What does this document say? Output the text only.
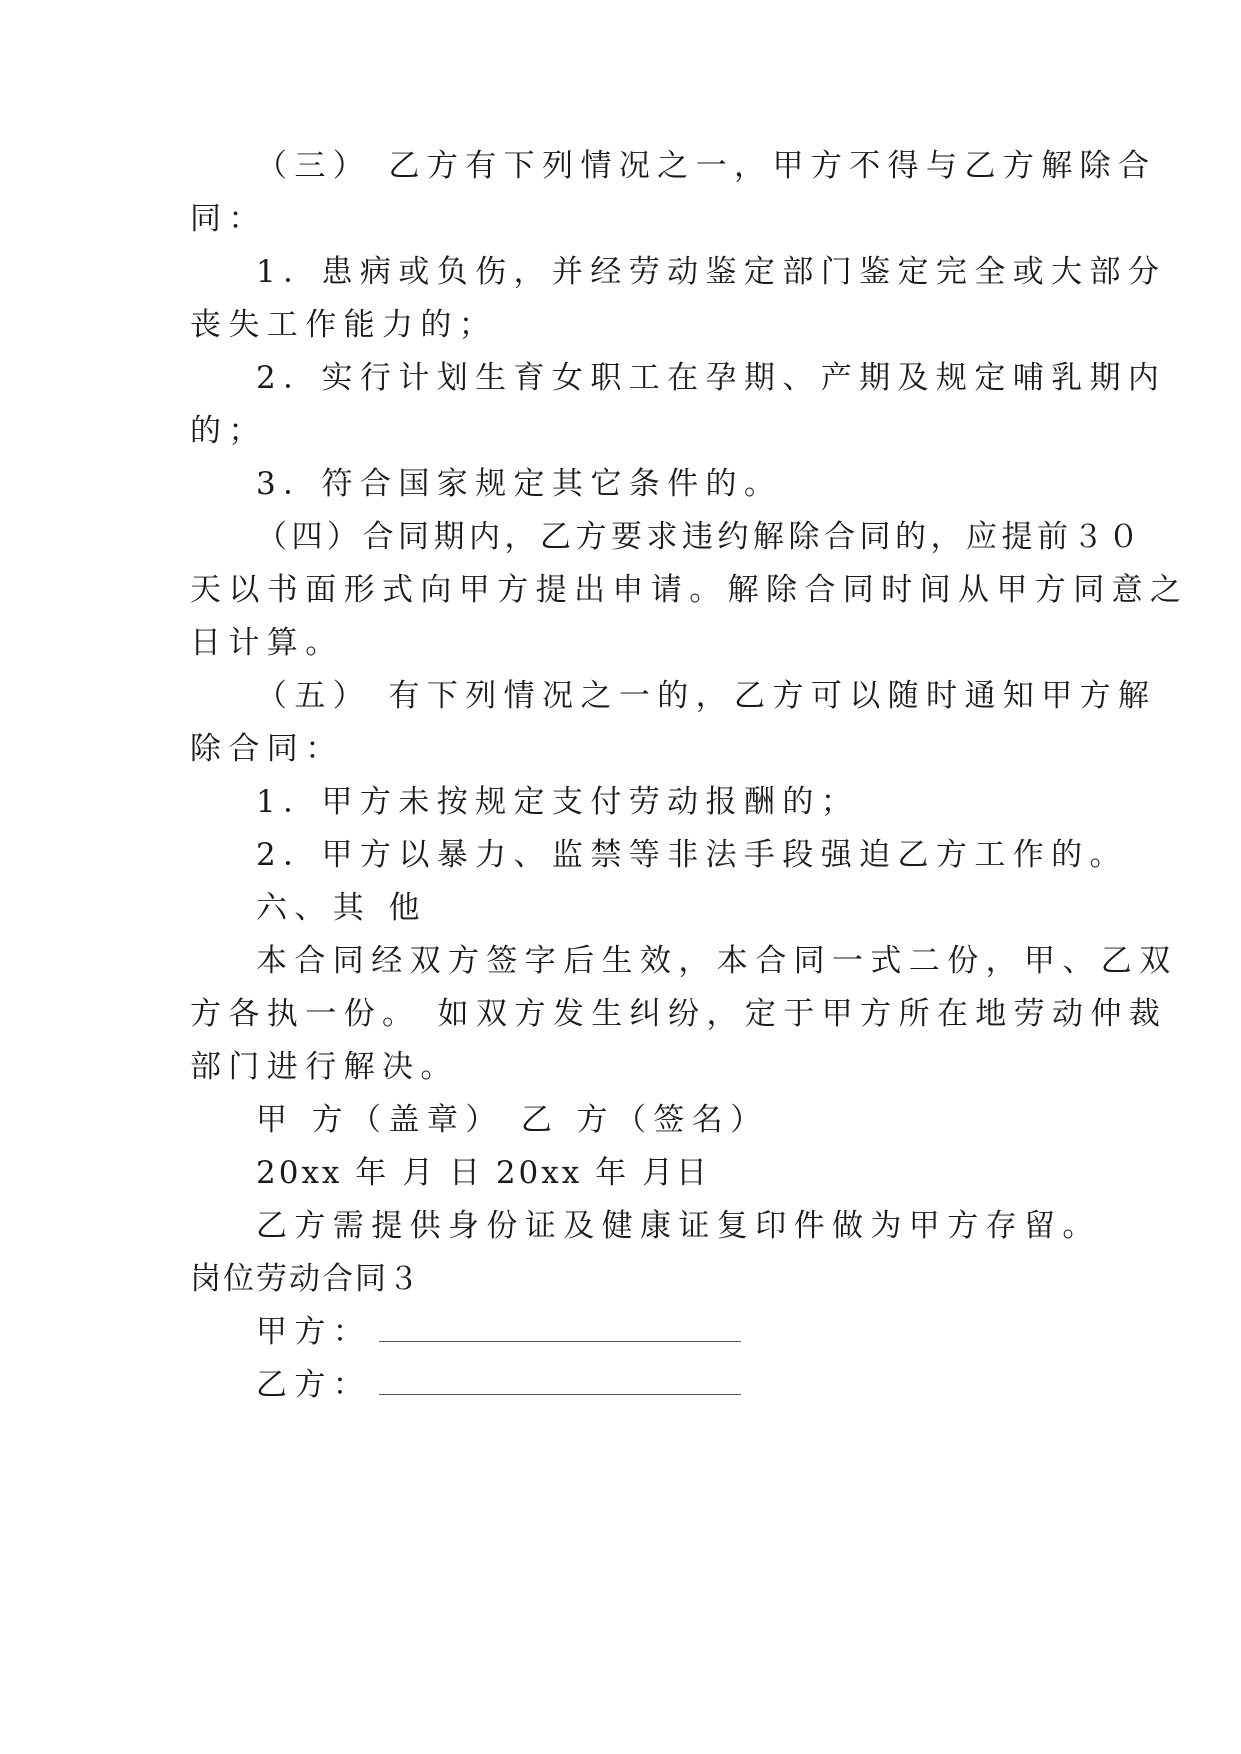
（三） 乙方有下列情况之一，甲方不得与乙方解除合
同：
1．患病或负伤，并经劳动鉴定部门鉴定完全或大部分
丧失工作能力的；
2．实行计划生育女职工在孕期、产期及规定哺乳期内
的；
3．符合国家规定其它条件的。
（四）合同期内，乙方要求违约解除合同的，应提前３０
天以书面形式向甲方提出申请。解除合同时间从甲方同意之
日计算。
（五） 有下列情况之一的，乙方可以随时通知甲方解
除合同：
1．甲方未按规定支付劳动报酬的；
2．甲方以暴力、监禁等非法手段强迫乙方工作的。
六、其 他
本合同经双方签字后生效，本合同一式二份，甲、乙双
方各执一份。 如双方发生纠纷，定于甲方所在地劳动仲裁
部门进行解决。
甲 方（盖章） 乙 方（签名）
20xx 年 月 日 20xx 年 月日
乙方需提供身份证及健康证复印件做为甲方存留。
岗位劳动合同３
甲方：
乙方：
